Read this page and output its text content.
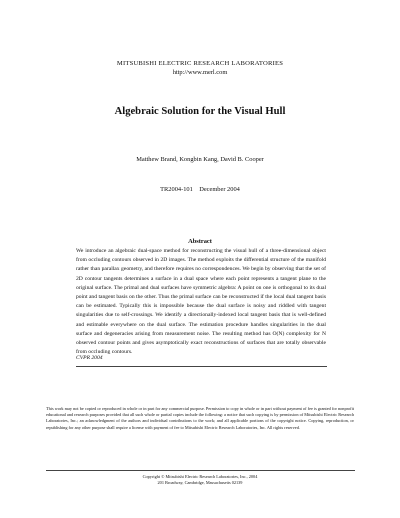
MITSUBISHI ELECTRIC RESEARCH LABORATORIES
http://www.merl.com
Algebraic Solution for the Visual Hull
Matthew Brand, Kongbin Kang, David B. Cooper
TR2004-101 December 2004
Abstract
We introduce an algebraic dual-space method for reconstructing the visual hull of a three-dimensional object from occluding contours observed in 2D images. The method exploits the differential structure of the manifold rather than parallax geometry, and therefore requires no correspondences. We begin by observing that the set of 2D contour tangents determines a surface in a dual space where each point represents a tangent plane to the original surface. The primal and dual surfaces have symmetric algebra: A point on one is orthogonal to its dual point and tangent basis on the other. Thus the primal surface can be reconstructed if the local dual tangent basis can be estimated. Typically this is impossible because the dual surface is noisy and riddled with tangent singularities due to self-crossings. We identify a directionally-indexed local tangent basis that is well-defined and estimable everywhere on the dual surface. The estimation procedure handles singularities in the dual surface and degeneracies arising from measurement noise. The resulting method has O(N) complexity for N observed contour points and gives asymptotically exact reconstructions of surfaces that are totally observable from occluding contours.
CVPR 2004
This work may not be copied or reproduced in whole or in part for any commercial purpose. Permission to copy in whole or in part without payment of fee is granted for nonprofit educational and research purposes provided that all such whole or partial copies include the following: a notice that such copying is by permission of Mitsubishi Electric Research Laboratories, Inc.; an acknowledgment of the authors and individual contributions to the work; and all applicable portions of the copyright notice. Copying, reproduction, or republishing for any other purpose shall require a license with payment of fee to Mitsubishi Electric Research Laboratories, Inc. All rights reserved.
Copyright © Mitsubishi Electric Research Laboratories, Inc., 2004
201 Broadway, Cambridge, Massachusetts 02139
